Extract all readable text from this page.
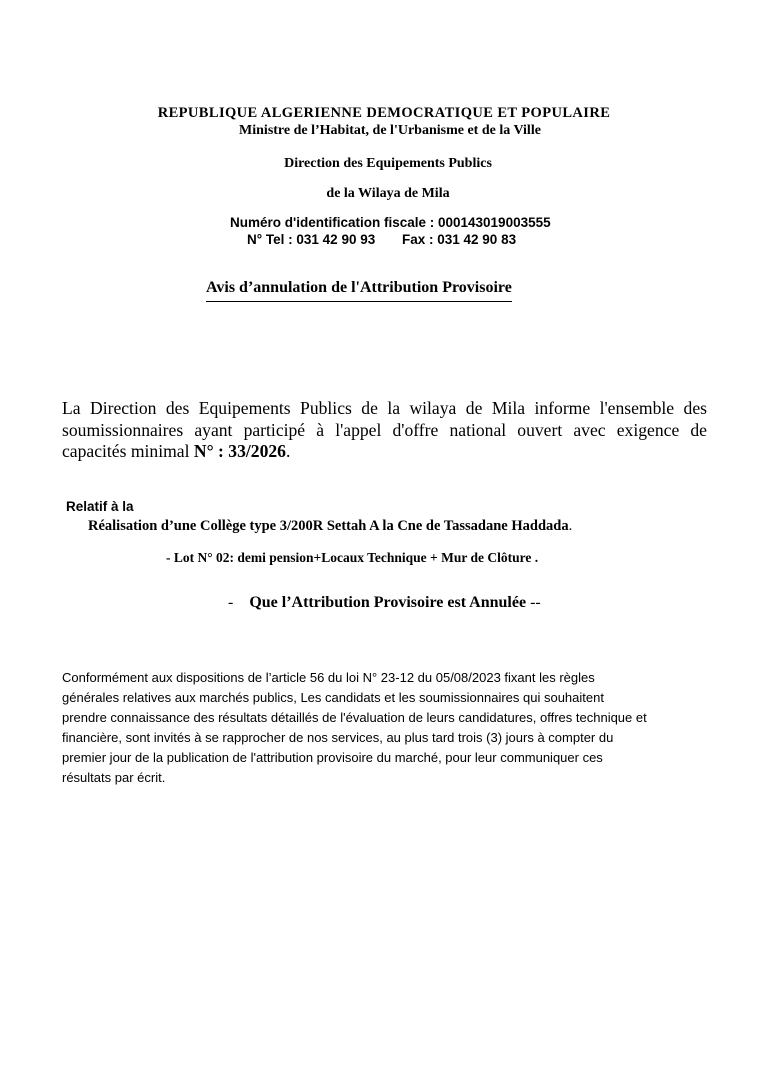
REPUBLIQUE ALGERIENNE DEMOCRATIQUE ET POPULAIRE
Ministre de l’Habitat, de l'Urbanisme et de la Ville
Direction des Equipements Publics
de la Wilaya de Mila
Numéro d'identification fiscale : 000143019003555
N° Tel : 031 42 90 93 Fax : 031 42 90 83
Avis d’annulation de l'Attribution Provisoire
La Direction des Equipements Publics de la wilaya de Mila informe l'ensemble des soumissionnaires ayant participé à l'appel d'offre national ouvert avec exigence de capacités minimal N° : 33/2026.
Relatif à la
Réalisation d’une Collège type 3/200R Settah A la Cne de Tassadane Haddada.
- Lot N° 02: demi pension+Locaux Technique + Mur de Clôture .
- Que l’Attribution Provisoire est Annulée --
Conformément aux dispositions de l’article 56 du loi N° 23-12 du 05/08/2023 fixant les règles
générales relatives aux marchés publics, Les candidats et les soumissionnaires qui souhaitent
prendre connaissance des résultats détaillés de l'évaluation de leurs candidatures, offres technique et
financière, sont invités à se rapprocher de nos services, au plus tard trois (3) jours à compter du
premier jour de la publication de l'attribution provisoire du marché, pour leur communiquer ces
résultats par écrit.
